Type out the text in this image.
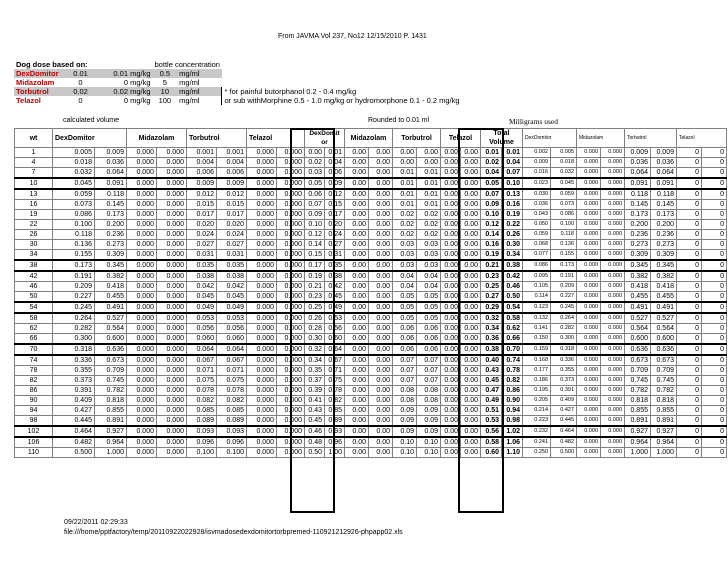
From JAVMA Vol 237, No12 12/15/2010 P. 1431
Dog dose based on:			bottle concentration		
DexDomitor	0.01	0.01 mg/kg	0.5	mg/ml	
Midazolam	0	0 mg/kg	5	mg/ml	
Torbutrol	0.02	0.02 mg/kg	10	mg/ml	* for painful butorphanol 0.2 - 0.4 mg/kg
Telazol	0	0 mg/kg	100	mg/ml	or sub withMorphine 0.5 - 1.0 mg/kg or hydromorphone 0.1 - 0.2 mg/kg
calculated volume	Rounded to 0.01 ml	Milligrams used
wt	DexDomitor		Midazolam		Torbutrol		Telazol		DexDomit or		Midazolam		Torbutrol		Telazol		Total Volume		DexDomitor		Midazolam		Torbutrol		Telazol	
1	0.005	0.009	0.000	0.000	0.001	0.001	0.000	0.000	0.00	0.01	0.00	0.00	0.00	0.00	0.00	0.00	0.01	0.01	0.002	0.005	0.000	0.000	0.009	0.009	0	0
4	0.018	0.036	0.000	0.000	0.004	0.004	0.000	0.000	0.02	0.04	0.00	0.00	0.00	0.00	0.00	0.00	0.02	0.04	0.009	0.018	0.000	0.000	0.036	0.036	0	0
7	0.032	0.064	0.000	0.000	0.006	0.006	0.000	0.000	0.03	0.06	0.00	0.00	0.01	0.01	0.00	0.00	0.04	0.07	0.016	0.032	0.000	0.000	0.064	0.064	0	0
10	0.045	0.091	0.000	0.000	0.009	0.009	0.000	0.000	0.05	0.09	0.00	0.00	0.01	0.01	0.00	0.00	0.05	0.10	0.023	0.045	0.000	0.000	0.091	0.091	0	0
13	0.059	0.118	0.000	0.000	0.012	0.012	0.000	0.000	0.06	0.12	0.00	0.00	0.01	0.01	0.00	0.00	0.07	0.13	0.030	0.059	0.000	0.000	0.118	0.118	0	0
16	0.073	0.145	0.000	0.000	0.015	0.015	0.000	0.000	0.07	0.15	0.00	0.00	0.01	0.01	0.00	0.00	0.09	0.16	0.036	0.073	0.000	0.000	0.145	0.145	0	0
19	0.086	0.173	0.000	0.000	0.017	0.017	0.000	0.000	0.09	0.17	0.00	0.00	0.02	0.02	0.00	0.00	0.10	0.19	0.043	0.086	0.000	0.000	0.173	0.173	0	0
22	0.100	0.200	0.000	0.000	0.020	0.020	0.000	0.000	0.10	0.20	0.00	0.00	0.02	0.02	0.00	0.00	0.12	0.22	0.050	0.100	0.000	0.000	0.200	0.200	0	0
26	0.118	0.236	0.000	0.000	0.024	0.024	0.000	0.000	0.12	0.24	0.00	0.00	0.02	0.02	0.00	0.00	0.14	0.26	0.059	0.118	0.000	0.000	0.236	0.236	0	0
30	0.136	0.273	0.000	0.000	0.027	0.027	0.000	0.000	0.14	0.27	0.00	0.00	0.03	0.03	0.00	0.00	0.16	0.30	0.068	0.136	0.000	0.000	0.273	0.273	0	0
34	0.155	0.309	0.000	0.000	0.031	0.031	0.000	0.000	0.15	0.31	0.00	0.00	0.03	0.03	0.00	0.00	0.19	0.34	0.077	0.155	0.000	0.000	0.309	0.309	0	0
38	0.173	0.345	0.000	0.000	0.035	0.035	0.000	0.000	0.17	0.35	0.00	0.00	0.03	0.03	0.00	0.00	0.21	0.38	0.086	0.173	0.000	0.000	0.345	0.345	0	0
42	0.191	0.382	0.000	0.000	0.038	0.038	0.000	0.000	0.19	0.38	0.00	0.00	0.04	0.04	0.00	0.00	0.23	0.42	0.095	0.191	0.000	0.000	0.382	0.382	0	0
46	0.209	0.418	0.000	0.000	0.042	0.042	0.000	0.000	0.21	0.42	0.00	0.00	0.04	0.04	0.00	0.00	0.25	0.46	0.105	0.209	0.000	0.000	0.418	0.418	0	0
50	0.227	0.455	0.000	0.000	0.045	0.045	0.000	0.000	0.23	0.45	0.00	0.00	0.05	0.05	0.00	0.00	0.27	0.50	0.114	0.227	0.000	0.000	0.455	0.455	0	0
54	0.245	0.491	0.000	0.000	0.049	0.049	0.000	0.000	0.25	0.49	0.00	0.00	0.05	0.05	0.00	0.00	0.29	0.54	0.123	0.245	0.000	0.000	0.491	0.491	0	0
58	0.264	0.527	0.000	0.000	0.053	0.053	0.000	0.000	0.26	0.53	0.00	0.00	0.05	0.05	0.00	0.00	0.32	0.58	0.132	0.264	0.000	0.000	0.527	0.527	0	0
62	0.282	0.564	0.000	0.000	0.056	0.056	0.000	0.000	0.28	0.56	0.00	0.00	0.06	0.06	0.00	0.00	0.34	0.62	0.141	0.282	0.000	0.000	0.564	0.564	0	0
66	0.300	0.600	0.000	0.000	0.060	0.060	0.000	0.000	0.30	0.60	0.00	0.00	0.06	0.06	0.00	0.00	0.36	0.66	0.150	0.300	0.000	0.000	0.600	0.600	0	0
70	0.318	0.636	0.000	0.000	0.064	0.064	0.000	0.000	0.32	0.64	0.00	0.00	0.06	0.06	0.00	0.00	0.38	0.70	0.159	0.318	0.000	0.000	0.636	0.636	0	0
74	0.336	0.673	0.000	0.000	0.067	0.067	0.000	0.000	0.34	0.67	0.00	0.00	0.07	0.07	0.00	0.00	0.40	0.74	0.168	0.336	0.000	0.000	0.673	0.673	0	0
78	0.355	0.709	0.000	0.000	0.071	0.071	0.000	0.000	0.35	0.71	0.00	0.00	0.07	0.07	0.00	0.00	0.43	0.78	0.177	0.355	0.000	0.000	0.709	0.709	0	0
82	0.373	0.745	0.000	0.000	0.075	0.075	0.000	0.000	0.37	0.75	0.00	0.00	0.07	0.07	0.00	0.00	0.45	0.82	0.186	0.373	0.000	0.000	0.745	0.745	0	0
86	0.391	0.782	0.000	0.000	0.078	0.078	0.000	0.000	0.39	0.78	0.00	0.00	0.08	0.08	0.00	0.00	0.47	0.86	0.195	0.391	0.000	0.000	0.782	0.782	0	0
90	0.409	0.818	0.000	0.000	0.082	0.082	0.000	0.000	0.41	0.82	0.00	0.00	0.08	0.08	0.00	0.00	0.49	0.90	0.205	0.409	0.000	0.000	0.818	0.818	0	0
94	0.427	0.855	0.000	0.000	0.085	0.085	0.000	0.000	0.43	0.85	0.00	0.00	0.09	0.09	0.00	0.00	0.51	0.94	0.214	0.427	0.000	0.000	0.855	0.855	0	0
98	0.445	0.891	0.000	0.000	0.089	0.089	0.000	0.000	0.45	0.89	0.00	0.00	0.09	0.09	0.00	0.00	0.53	0.98	0.223	0.445	0.000	0.000	0.891	0.891	0	0
102	0.464	0.927	0.000	0.000	0.093	0.093	0.000	0.000	0.46	0.93	0.00	0.00	0.09	0.09	0.00	0.00	0.56	1.02	0.232	0.464	0.000	0.000	0.927	0.927	0	0
106	0.482	0.964	0.000	0.000	0.096	0.096	0.000	0.000	0.48	0.96	0.00	0.00	0.10	0.10	0.00	0.00	0.58	1.06	0.241	0.482	0.000	0.000	0.964	0.964	0	0
110	0.500	1.000	0.000	0.000	0.100	0.100	0.000	0.000	0.50	1.00	0.00	0.00	0.10	0.10	0.00	0.00	0.60	1.10	0.250	0.500	0.000	0.000	1.000	1.000	0	0
09/22/2011 02:29:33
file:///home/pptfactory/temp/20110922022928/isvmadosedexdomitortorbpremed-110921212926-phpapp02.xls
